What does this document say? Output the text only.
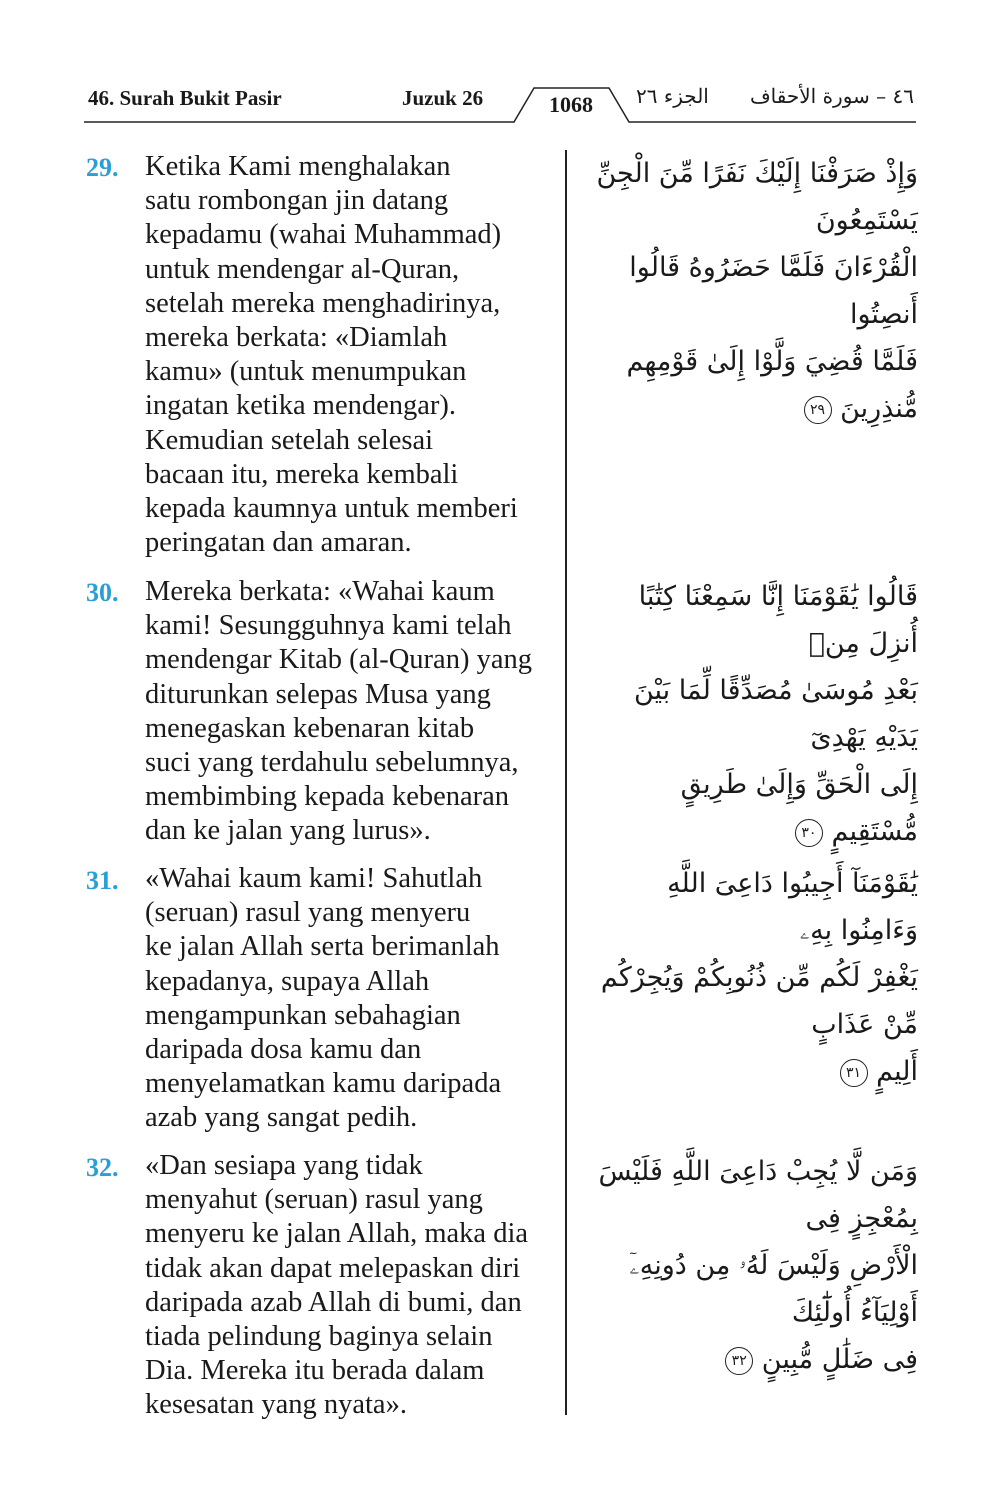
46. Surah Bukit Pasir	Juzuk 26	1068	الجزء ٢٦ ٤٦ – سورة الأحقاف
29. Ketika Kami menghalakan
satu rombongan jin datang
kepadamu (wahai Muhammad)
untuk mendengar al-Quran,
setelah mereka menghadirinya,
mereka berkata: «Diamlah
kamu» (untuk menumpukan
ingatan ketika mendengar).
Kemudian setelah selesai
bacaan itu, mereka kembali
kepada kaumnya untuk memberi
peringatan dan amaran.
وَإِذْ صَرَفْنَا إِلَيْكَ نَفَرًا مِّنَ الْجِنِّ يَسْتَمِعُونَ
الْقُرْءَانَ فَلَمَّا حَضَرُوهُ قَالُوا أَنصِتُوا
فَلَمَّا قُضِيَ وَلَّوْا إِلَىٰ قَوْمِهِم مُّنذِرِينَ ٢٩
30. Mereka berkata: «Wahai kaum
kami! Sesungguhnya kami telah
mendengar Kitab (al-Quran) yang
diturunkan selepas Musa yang
menegaskan kebenaran kitab
suci yang terdahulu sebelumnya,
membimbing kepada kebenaran
dan ke jalan yang lurus».
قَالُوا يَٰقَوْمَنَا إِنَّا سَمِعْنَا كِتَٰبًا أُنزِلَ مِنۢ
بَعْدِ مُوسَىٰ مُصَدِّقًا لِّمَا بَيْنَ يَدَيْهِ يَهْدِىٓ
إِلَى الْحَقِّ وَإِلَىٰ طَرِيقٍ مُّسْتَقِيمٍ ٣٠
31. «Wahai kaum kami! Sahutlah
(seruan) rasul yang menyeru
ke jalan Allah serta berimanlah
kepadanya, supaya Allah
mengampunkan sebahagian
daripada dosa kamu dan
menyelamatkan kamu daripada
azab yang sangat pedih.
يَٰقَوْمَنَآ أَجِيبُوا دَاعِىَ اللَّهِ وَءَامِنُوا بِهِۦ
يَغْفِرْ لَكُم مِّن ذُنُوبِكُمْ وَيُجِرْكُم مِّنْ عَذَابٍ
أَلِيمٍ ٣١
32. «Dan sesiapa yang tidak
menyahut (seruan) rasul yang
menyeru ke jalan Allah, maka dia
tidak akan dapat melepaskan diri
daripada azab Allah di bumi, dan
tiada pelindung baginya selain
Dia. Mereka itu berada dalam
kesesatan yang nyata».
وَمَن لَّا يُجِبْ دَاعِىَ اللَّهِ فَلَيْسَ بِمُعْجِزٍ فِى
الْأَرْضِ وَلَيْسَ لَهُۥ مِن دُونِهِۦٓ أَوْلِيَآءُ أُولَٰٓئِكَ
فِى ضَلَٰلٍ مُّبِينٍ ٣٢
